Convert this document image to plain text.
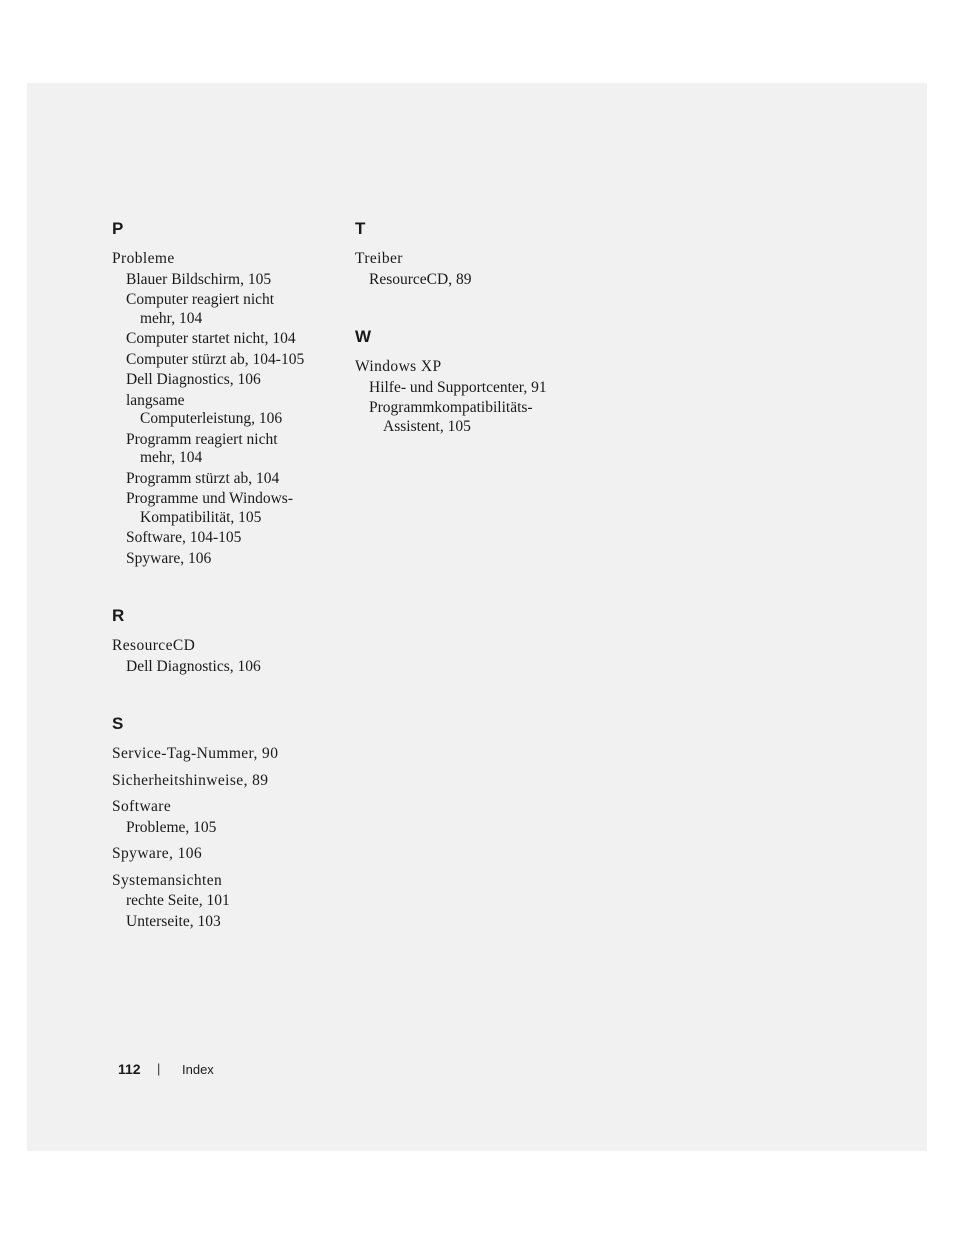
P
Probleme
Blauer Bildschirm, 105
Computer reagiert nicht
mehr, 104
Computer startet nicht, 104
Computer stürzt ab, 104-105
Dell Diagnostics, 106
langsame
Computerleistung, 106
Programm reagiert nicht
mehr, 104
Programm stürzt ab, 104
Programme und Windows-
Kompatibilität, 105
Software, 104-105
Spyware, 106
R
ResourceCD
Dell Diagnostics, 106
S
Service-Tag-Nummer, 90
Sicherheitshinweise, 89
Software
Probleme, 105
Spyware, 106
Systemansichten
rechte Seite, 101
Unterseite, 103
T
Treiber
ResourceCD, 89
W
Windows XP
Hilfe- und Supportcenter, 91
Programmkompatibilitäts-
Assistent, 105
112 | Index
